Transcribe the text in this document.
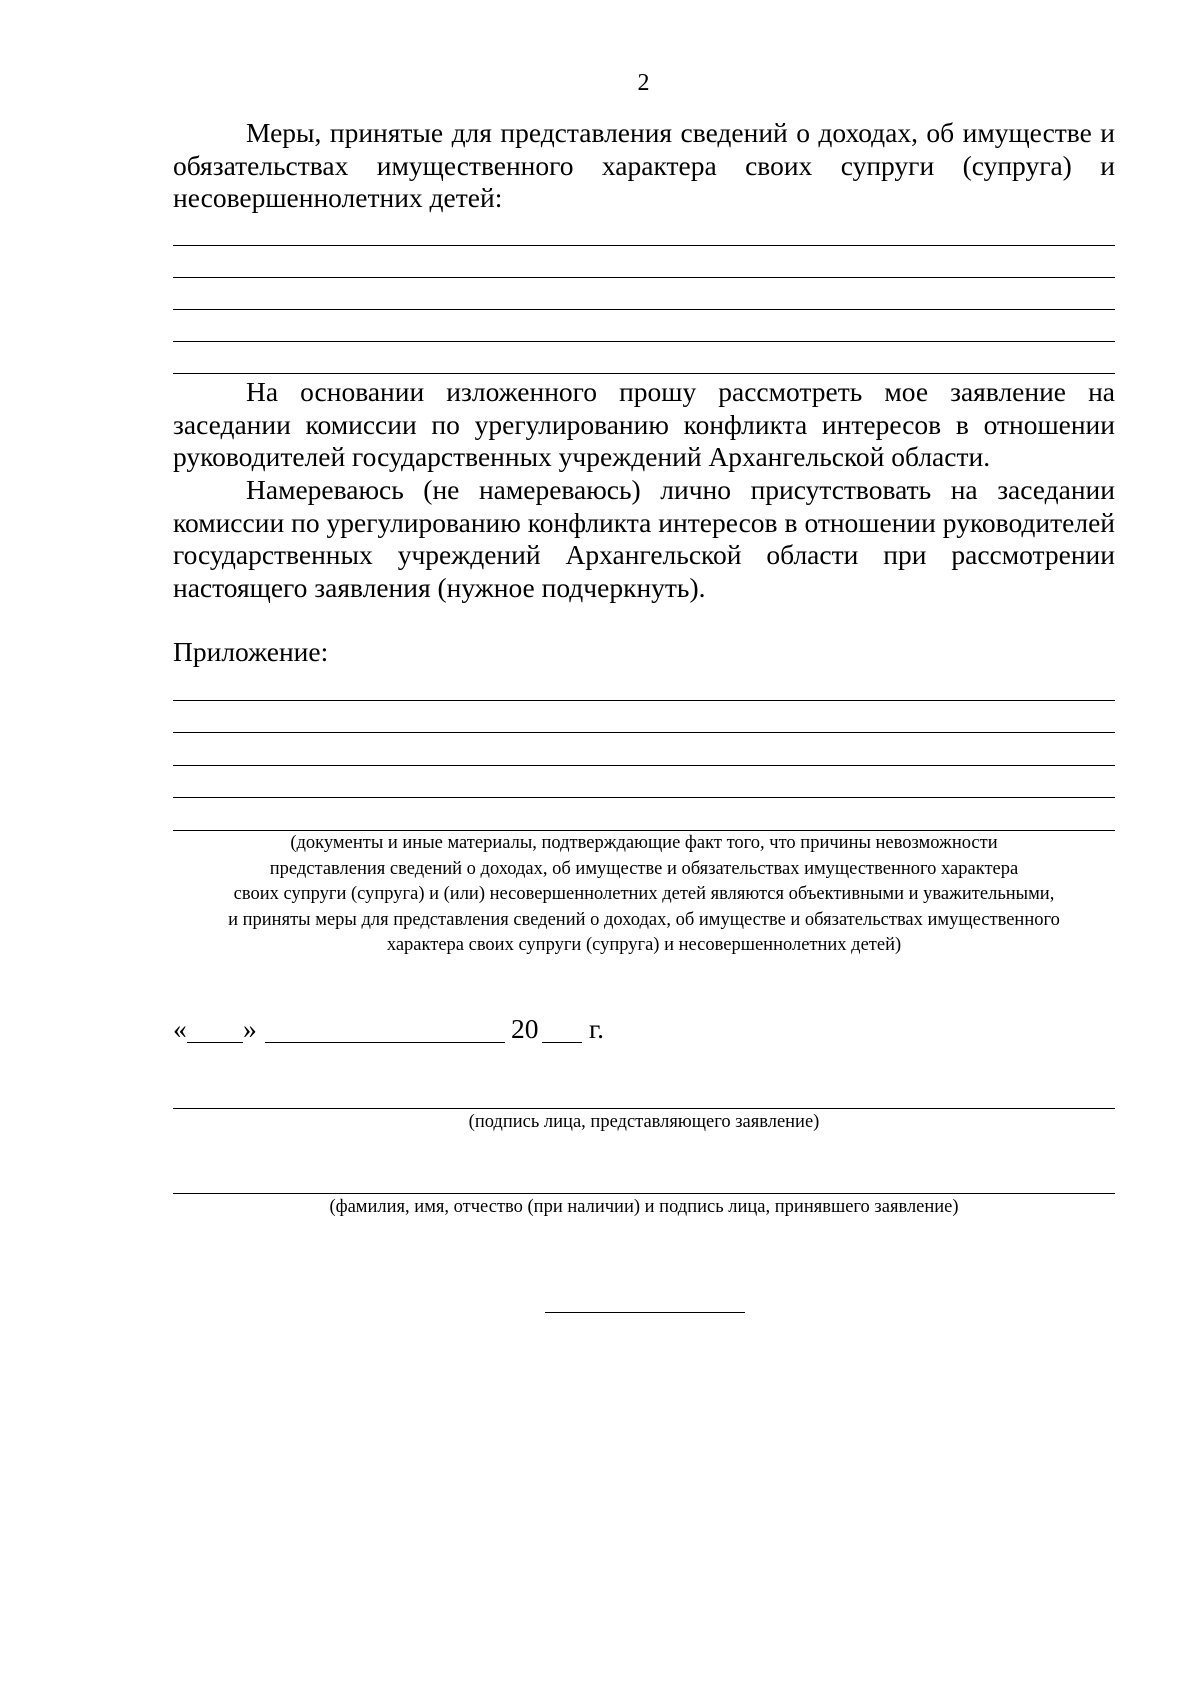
2

Меры, принятые для представления сведений о доходах, об имуществе и обязательствах имущественного характера своих супруги (супруга) и несовершеннолетних детей:

На основании изложенного прошу рассмотреть мое заявление на заседании комиссии по урегулированию конфликта интересов в отношении руководителей государственных учреждений Архангельской области.

Намереваюсь (не намереваюсь) лично присутствовать на заседании комиссии по урегулированию конфликта интересов в отношении руководителей государственных учреждений Архангельской области при рассмотрении настоящего заявления (нужное подчеркнуть).

Приложение:
(документы и иные материалы, подтверждающие факт того, что причины невозможности
представления сведений о доходах, об имуществе и обязательствах имущественного характера
своих супруги (супруга) и (или) несовершеннолетних детей являются объективными и уважительными,
и приняты меры для представления сведений о доходах, об имуществе и обязательствах имущественного
характера своих супруги (супруга) и несовершеннолетних детей)
« »	20 г.
(подпись лица, представляющего заявление)
(фамилия, имя, отчество (при наличии) и подпись лица, принявшего заявление)
